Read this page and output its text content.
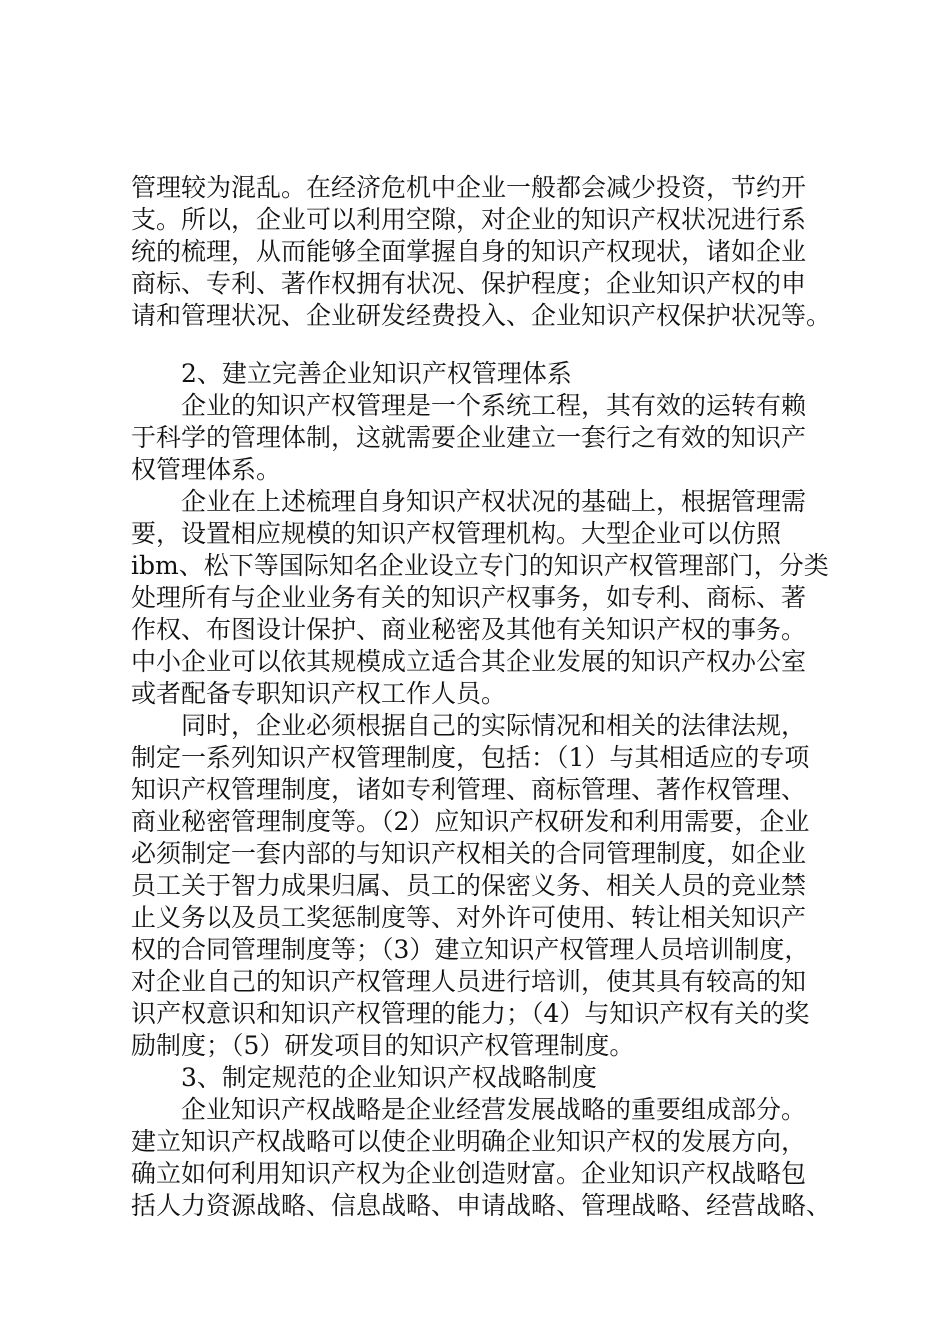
管理较为混乱。在经济危机中企业一般都会减少投资，节约开
支。所以，企业可以利用空隙，对企业的知识产权状况进行系
统的梳理，从而能够全面掌握自身的知识产权现状，诸如企业
商标、专利、著作权拥有状况、保护程度；企业知识产权的申
请和管理状况、企业研发经费投入、企业知识产权保护状况等。
2、建立完善企业知识产权管理体系
企业的知识产权管理是一个系统工程，其有效的运转有赖
于科学的管理体制，这就需要企业建立一套行之有效的知识产
权管理体系。
企业在上述梳理自身知识产权状况的基础上，根据管理需
要，设置相应规模的知识产权管理机构。大型企业可以仿照
ibm、松下等国际知名企业设立专门的知识产权管理部门，分类
处理所有与企业业务有关的知识产权事务，如专利、商标、著
作权、布图设计保护、商业秘密及其他有关知识产权的事务。
中小企业可以依其规模成立适合其企业发展的知识产权办公室
或者配备专职知识产权工作人员。
同时，企业必须根据自己的实际情况和相关的法律法规，
制定一系列知识产权管理制度，包括：（1）与其相适应的专项
知识产权管理制度，诸如专利管理、商标管理、著作权管理、
商业秘密管理制度等。（2）应知识产权研发和利用需要，企业
必须制定一套内部的与知识产权相关的合同管理制度，如企业
员工关于智力成果归属、员工的保密义务、相关人员的竞业禁
止义务以及员工奖惩制度等、对外许可使用、转让相关知识产
权的合同管理制度等；（3）建立知识产权管理人员培训制度，
对企业自己的知识产权管理人员进行培训，使其具有较高的知
识产权意识和知识产权管理的能力；（4）与知识产权有关的奖
励制度；（5）研发项目的知识产权管理制度。
3、制定规范的企业知识产权战略制度
企业知识产权战略是企业经营发展战略的重要组成部分。
建立知识产权战略可以使企业明确企业知识产权的发展方向，
确立如何利用知识产权为企业创造财富。企业知识产权战略包
括人力资源战略、信息战略、申请战略、管理战略、经营战略、
